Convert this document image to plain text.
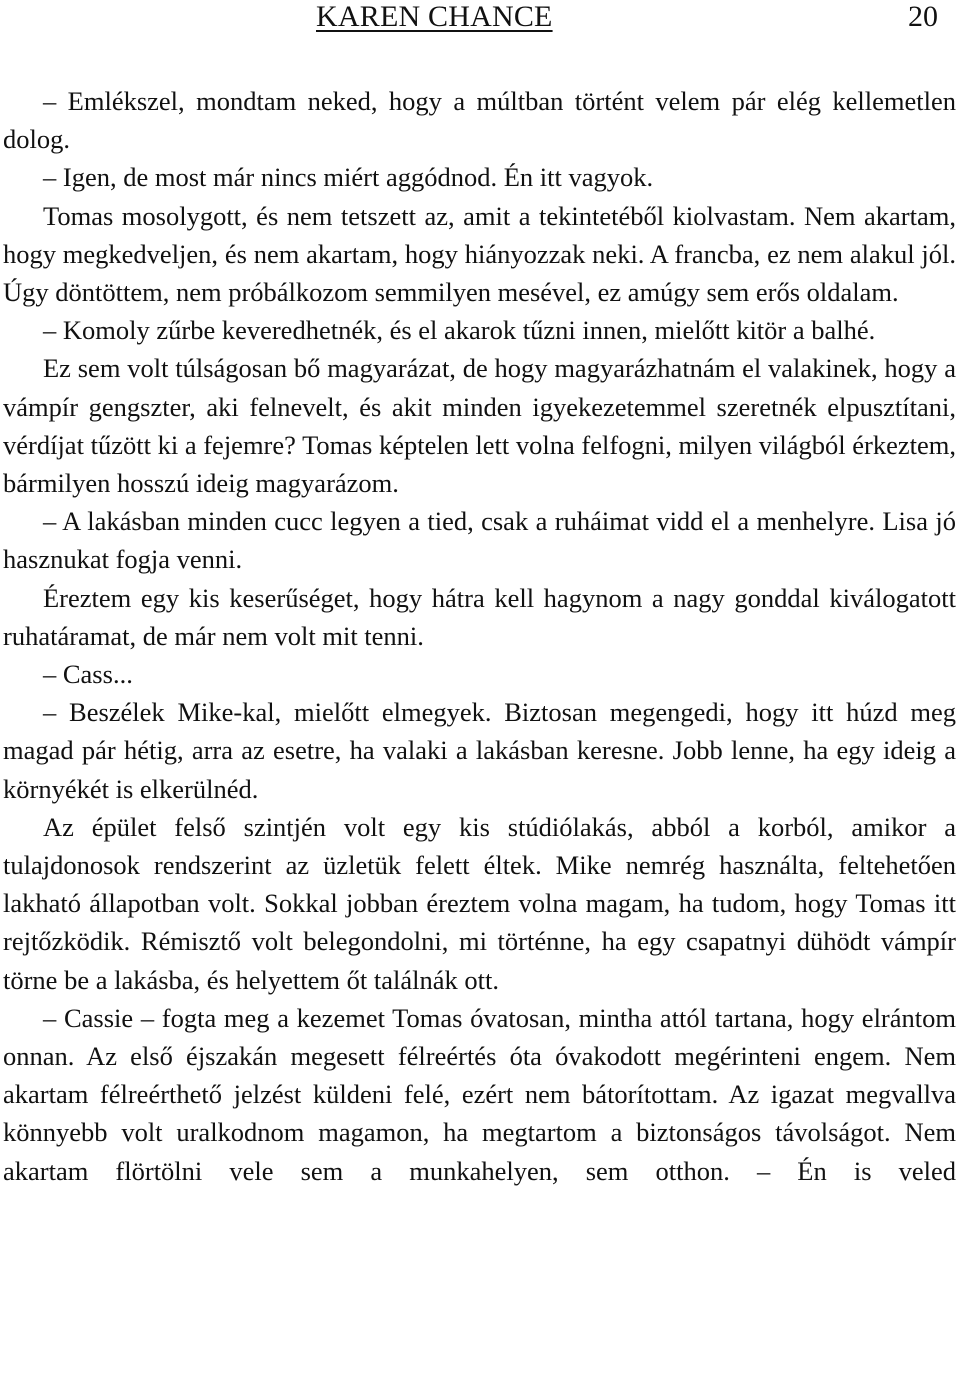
KAREN CHANCE	20

– Emlékszel, mondtam neked, hogy a múltban történt velem pár elég kellemetlen dolog.

– Igen, de most már nincs miért aggódnod. Én itt vagyok.

Tomas mosolygott, és nem tetszett az, amit a tekintetéből kiolvastam. Nem akartam, hogy megkedveljen, és nem akartam, hogy hiányozzak neki. A francba, ez nem alakul jól. Úgy döntöttem, nem próbálkozom semmilyen mesével, ez amúgy sem erős oldalam.

– Komoly zűrbe keveredhetnék, és el akarok tűzni innen, mielőtt kitör a balhé.

Ez sem volt túlságosan bő magyarázat, de hogy magyarázhatnám el valakinek, hogy a vámpír gengszter, aki felnevelt, és akit minden igyekezetemmel szeretnék elpusztítani, vérdíjat tűzött ki a fejemre? Tomas képtelen lett volna felfogni, milyen világból érkeztem, bármilyen hosszú ideig magyarázom.

– A lakásban minden cucc legyen a tied, csak a ruháimat vidd el a menhelyre. Lisa jó hasznukat fogja venni.

Éreztem egy kis keserűséget, hogy hátra kell hagynom a nagy gonddal kiválogatott ruhatáramat, de már nem volt mit tenni.

– Cass...

– Beszélek Mike-kal, mielőtt elmegyek. Biztosan megengedi, hogy itt húzd meg magad pár hétig, arra az esetre, ha valaki a lakásban keresne. Jobb lenne, ha egy ideig a környékét is elkerülnéd.

Az épület felső szintjén volt egy kis stúdiólakás, abból a korból, amikor a tulajdonosok rendszerint az üzletük felett éltek. Mike nemrég használta, feltehetően lakható állapotban volt. Sokkal jobban éreztem volna magam, ha tudom, hogy Tomas itt rejtőzködik. Rémisztő volt belegondolni, mi történne, ha egy csapatnyi dühödt vámpír törne be a lakásba, és helyettem őt találnák ott.

– Cassie – fogta meg a kezemet Tomas óvatosan, mintha attól tartana, hogy elrántom onnan. Az első éjszakán megesett félreértés óta óvakodott megérinteni engem. Nem akartam félreérthető jelzést küldeni felé, ezért nem bátorítottam. Az igazat megvallva könnyebb volt uralkodnom magamon, ha megtartom a biztonságos távolságot. Nem akartam flörtölni vele sem a munkahelyen, sem otthon. – Én is veled
